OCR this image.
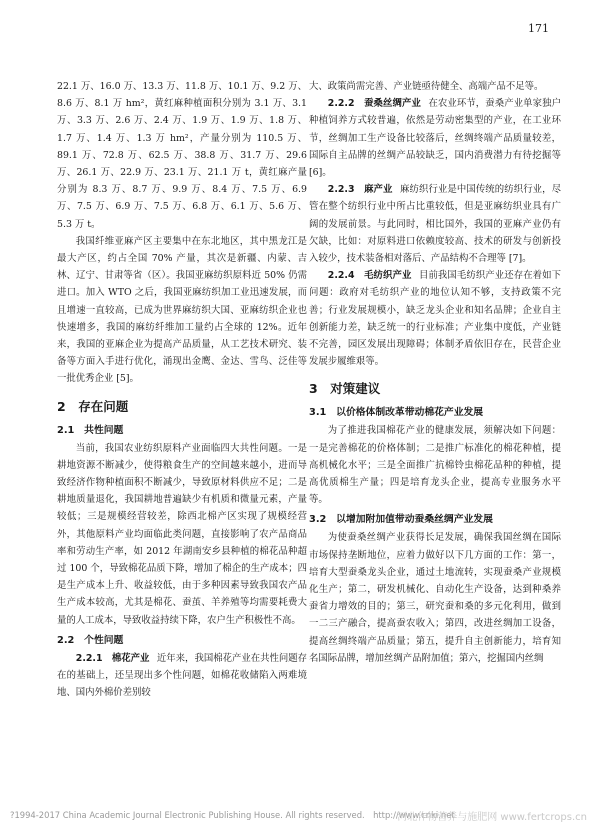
171

22.1 万、16.0 万、13.3 万、11.8 万、10.1 万、9.2 万、8.6 万、8.1 万 hm²，黄红麻种植面积分别为 3.1 万、3.1 万、3.3 万、2.6 万、2.4 万、1.9 万、1.9 万、1.8 万、1.7 万、1.4 万、1.3 万 hm²，产量分别为 110.5 万、89.1 万、72.8 万、62.5 万、38.8 万、31.7 万、29.6 万、26.1 万、22.9 万、23.1 万、21.1 万 t，黄红麻产量分别为 8.3 万、8.7 万、9.9 万、8.4 万、7.5 万、6.9 万、7.5 万、6.9 万、7.5 万、6.8 万、6.1 万、5.6 万、5.3 万 t。

我国纤维亚麻产区主要集中在东北地区，其中黑龙江是最大产区，约占全国 70% 产量，其次是新疆、内蒙、吉林、辽宁、甘肃等省（区）。我国亚麻纺织原料近 50% 仍需进口。加入 WTO 之后，我国亚麻纺织加工业迅速发展，而且增速一直较高，已成为世界麻纺织大国、亚麻纺织企业也快速增多，我国的麻纺纤维加工量约占全球的 12%。近年来，我国的亚麻企业为提高产品质量，从工艺技术研究、装备等方面入手进行优化，涌现出金鹰、金达、雪鸟、泛佳等一批优秀企业 [5]。

2　存在问题
2.1　共性问题

当前，我国农业纺织原料产业面临四大共性问题。一是耕地资源不断减少，使得粮食生产的空间越来越小，进而导致经济作物种植面积不断减少，导致原材料供应不足；二是耕地质量退化，我国耕地普遍缺少有机质和微量元素，产量较低；三是规模经营较差，除西北棉产区实现了规模经营外，其他原料产业均面临此类问题，直接影响了农产品商品率和劳动生产率，如 2012 年湖南安乡县种植的棉花品种超过 100 个，导致棉花品质下降，增加了棉企的生产成本；四是生产成本上升、收益较低，由于多种因素导致我国农产品生产成本较高，尤其是棉花、蚕茧、羊养殖等均需要耗费大量的人工成本，导致收益持续下降，农户生产积极性不高。

2.2　个性问题

2.2.1　棉花产业 近年来，我国棉花产业在共性问题存在的基础上，还呈现出多个性问题，如棉花收储陷入两难境地、国内外棉价差别较

大、政策尚需完善、产业链亟待健全、高端产品不足等。

2.2.2　蚕桑丝绸产业 在农业环节，蚕桑产业单家独户种植饲养方式较普遍，依然是劳动密集型的产业，在工业环节，丝绸加工生产设备比较落后，丝绸终端产品质量较差，国际自主品牌的丝绸产品较缺乏，国内消费潜力有待挖掘等 [6]。

2.2.3　麻产业 麻纺织行业是中国传统的纺织行业，尽管在整个纺织行业中所占比重较低，但是亚麻纺织业具有广阔的发展前景。与此同时，相比国外，我国的亚麻产业仍有欠缺，比如：对原料进口依赖度较高、技术的研发与创新投入较少，技术装备相对落后、产品结构不合理等 [7]。

2.2.4　毛纺织产业 目前我国毛纺织产业还存在着如下问题：政府对毛纺织产业的地位认知不够，支持政策不完善；行业发展规模小，缺乏龙头企业和知名品牌；企业自主创新能力差，缺乏统一的行业标准；产业集中度低，产业链不完善，园区发展出现障碍；体制矛盾依旧存在，民营企业发展步履维艰等。

3　对策建议
3.1　以价格体制改革带动棉花产业发展

为了推进我国棉花产业的健康发展，须解决如下问题：一是完善棉花的价格体制；二是推广标准化的棉花种植，提高机械化水平；三是全面推广抗棉铃虫棉花品种的种植，提高优质棉生产量；四是培育龙头企业，提高专业服务水平等。

3.2　以增加附加值带动蚕桑丝绸产业发展

为使蚕桑丝绸产业获得长足发展，确保我国丝绸在国际市场保持垄断地位，应着力做好以下几方面的工作：第一，培育大型蚕桑龙头企业，通过土地流转，实现蚕桑产业规模化生产；第二，研发机械化、自动化生产设备，达到种桑养蚕省力增效的目的；第三，研究蚕和桑的多元化利用，做到一二三产融合，提高蚕农收入；第四，改进丝绸加工设备，提高丝绸终端产品质量；第五，提升自主创新能力，培育知名国际品牌，增加丝绸产品附加值；第六，挖掘国内丝绸

?1994-2017 China Academic Journal Electronic Publishing House. All rights reserved.　http://www.cnki.net
河北作物营养与施肥网 www.fertcrops.cn
